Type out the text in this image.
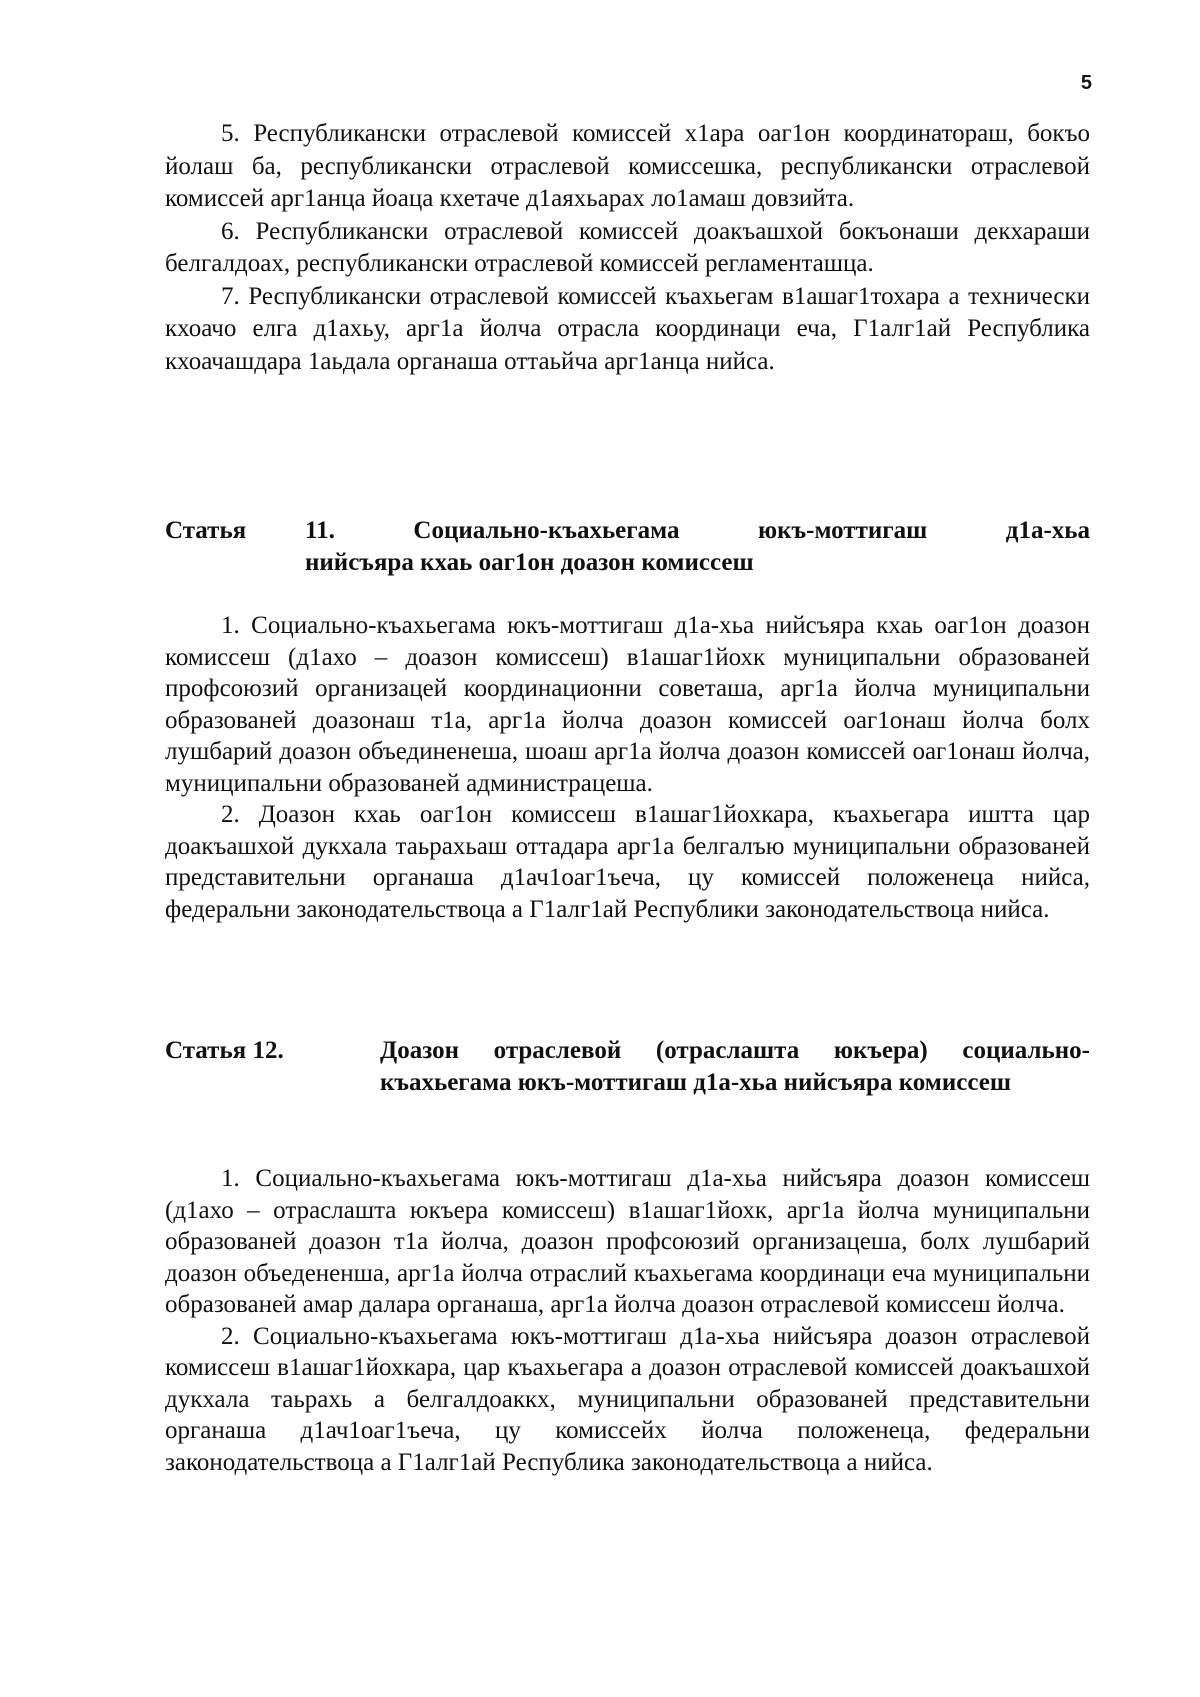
5

5. Республикански отраслевой комиссей х1ара оаг1он координатораш, бокъо йолаш ба, республикански отраслевой комиссешка, республикански отраслевой комиссей арг1анца йоаца кхетаче д1аяхьарах ло1амаш довзийта.

6. Республикански отраслевой комиссей доакъашхой бокъонаши декхараши белгалдоах, республикански отраслевой комиссей регламенташца.

7. Республикански отраслевой комиссей къахьегам в1ашаг1тохара а технически кхоачо елга д1ахьу, арг1а йолча отрасла координаци еча, Г1алг1ай Республика кхоачашдара 1аьдала органаша оттаьйча арг1анца нийса.

Статья	11. Социально-къахьегама юкъ-моттигаш д1а-хьа
нийсъяра кхаь оаг1он доазон комиссеш

1. Социально-къахьегама юкъ-моттигаш д1а-хьа нийсъяра кхаь оаг1он доазон комиссеш (д1ахо – доазон комиссеш) в1ашаг1йохк муниципальни образованей профсоюзий организацей координационни советаша, арг1а йолча муниципальни образованей доазонаш т1а, арг1а йолча доазон комиссей оаг1онаш йолча болх лушбарий доазон объединенеша, шоаш арг1а йолча доазон комиссей оаг1онаш йолча, муниципальни образованей администрацеша.

2. Доазон кхаь оаг1он комиссеш в1ашаг1йохкара, къахьегара иштта цар доакъашхой дукхала таьрахьаш оттадара арг1а белгалъю муниципальни образованей представительни органаша д1ач1оаг1ъеча, цу комиссей положенеца нийса, федеральни законодательствоца а Г1алг1ай Республики законодательствоца нийса.

Статья 12.	Доазон отраслевой (отраслашта юкъера) социально-къахьегама юкъ-моттигаш д1а-хьа нийсъяра комиссеш

1. Социально-къахьегама юкъ-моттигаш д1а-хьа нийсъяра доазон комиссеш (д1ахо – отраслашта юкъера комиссеш) в1ашаг1йохк, арг1а йолча муниципальни образованей доазон т1а йолча, доазон профсоюзий организацеша, болх лушбарий доазон объедененша, арг1а йолча отраслий къахьегама координаци еча муниципальни образованей амар далара органаша, арг1а йолча доазон отраслевой комиссеш йолча.

2. Социально-къахьегама юкъ-моттигаш д1а-хьа нийсъяра доазон отраслевой комиссеш в1ашаг1йохкара, цар къахьегара а доазон отраслевой комиссей доакъашхой дукхала таьрахь а белгалдоаккх, муниципальни образованей представительни органаша д1ач1оаг1ъеча, цу комиссейх йолча положенеца, федеральни законодательствоца а Г1алг1ай Республика законодательствоца а нийса.
